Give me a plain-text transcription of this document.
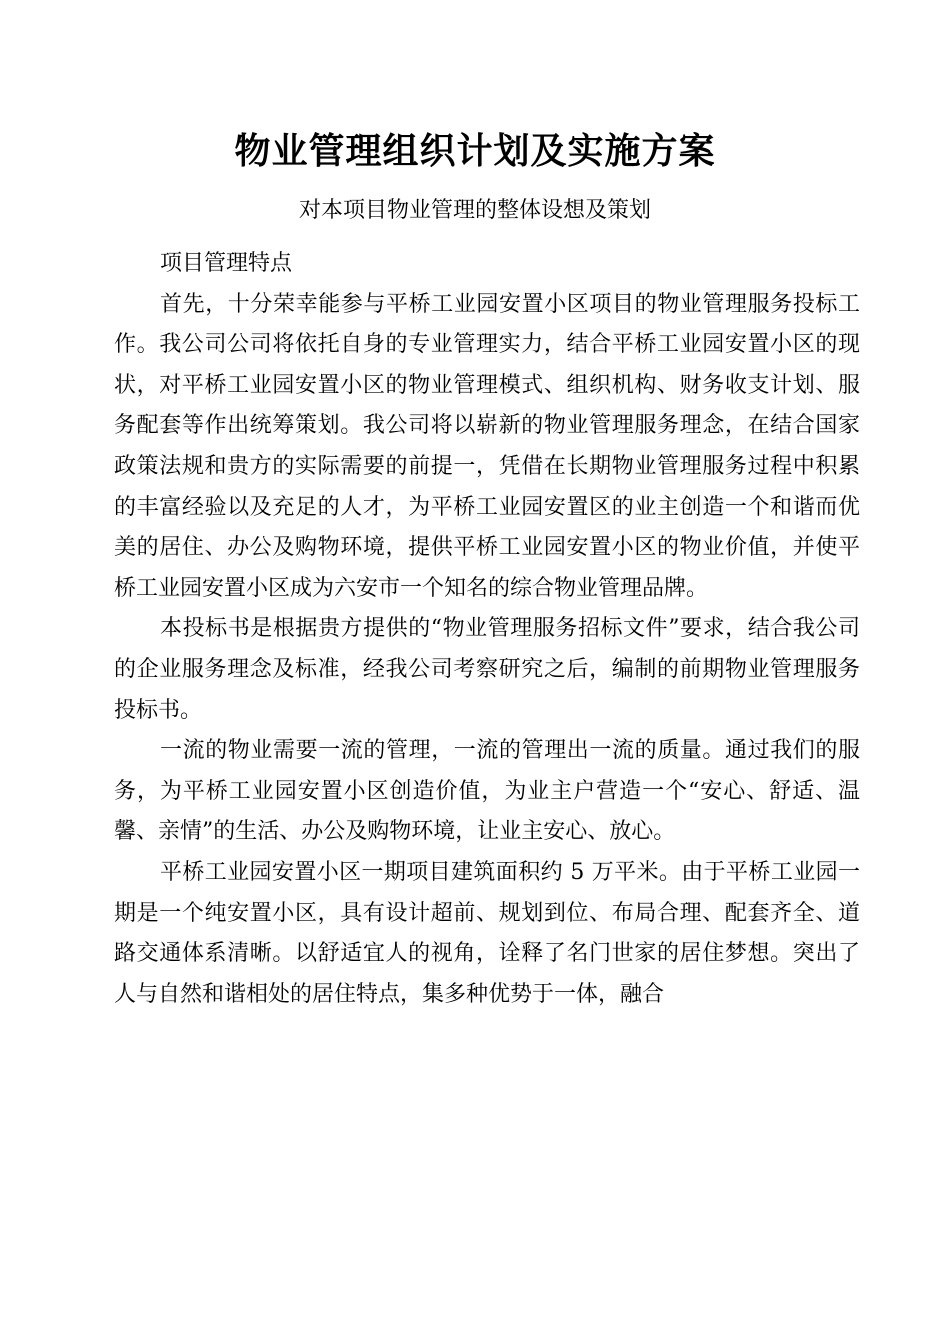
物业管理组织计划及实施方案
对本项目物业管理的整体设想及策划

项目管理特点

首先，十分荣幸能参与平桥工业园安置小区项目的物业管理服务投标工作。我公司公司将依托自身的专业管理实力，结合平桥工业园安置小区的现状，对平桥工业园安置小区的物业管理模式、组织机构、财务收支计划、服务配套等作出统筹策划。我公司将以崭新的物业管理服务理念，在结合国家政策法规和贵方的实际需要的前提一，凭借在长期物业管理服务过程中积累的丰富经验以及充足的人才，为平桥工业园安置区的业主创造一个和谐而优美的居住、办公及购物环境，提供平桥工业园安置小区的物业价值，并使平桥工业园安置小区成为六安市一个知名的综合物业管理品牌。

本投标书是根据贵方提供的“物业管理服务招标文件”要求，结合我公司的企业服务理念及标准，经我公司考察研究之后，编制的前期物业管理服务投标书。

一流的物业需要一流的管理，一流的管理出一流的质量。通过我们的服务，为平桥工业园安置小区创造价值，为业主户营造一个“安心、舒适、温馨、亲情”的生活、办公及购物环境，让业主安心、放心。

平桥工业园安置小区一期项目建筑面积约 5 万平米。由于平桥工业园一期是一个纯安置小区，具有设计超前、规划到位、布局合理、配套齐全、道路交通体系清晰。以舒适宜人的视角，诠释了名门世家的居住梦想。突出了人与自然和谐相处的居住特点，集多种优势于一体，融合
